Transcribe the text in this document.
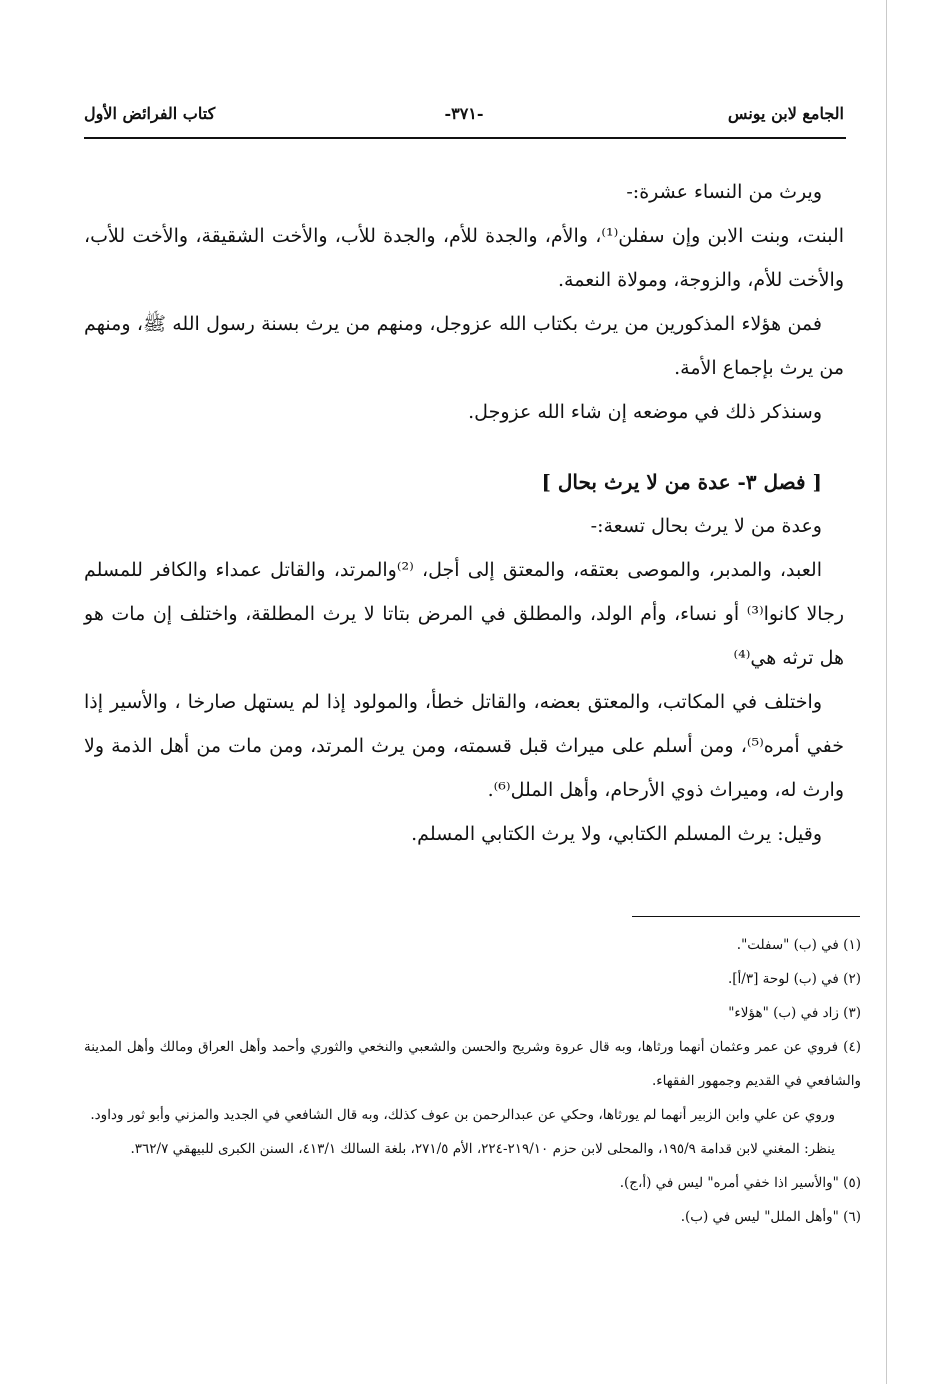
الجامع لابن يونس
-٣٧١-
كتاب الفرائض الأول

ويرث من النساء عشرة:-

البنت، وبنت الابن وإن سفلن⁽¹⁾، والأم، والجدة للأم، والجدة للأب، والأخت الشقيقة، والأخت للأب، والأخت للأم، والزوجة، ومولاة النعمة.

فمن هؤلاء المذكورين من يرث بكتاب الله عزوجل، ومنهم من يرث بسنة رسول الله ﷺ، ومنهم من يرث بإجماع الأمة.

وسنذكر ذلك في موضعه إن شاء الله عزوجل.

[ فصل ٣- عدة من لا يرث بحال ]

وعدة من لا يرث بحال تسعة:-

العبد، والمدبر، والموصى بعتقه، والمعتق إلى أجل، ⁽²⁾والمرتد، والقاتل عمداء والكافر للمسلم رجالا كانوا⁽³⁾ أو نساء، وأم الولد، والمطلق في المرض بتاتا لا يرث المطلقة، واختلف إن مات هو هل ترثه هي⁽⁴⁾

واختلف في المكاتب، والمعتق بعضه، والقاتل خطأ، والمولود إذا لم يستهل صارخا ، والأسير إذا خفي أمره⁽⁵⁾، ومن أسلم على ميراث قبل قسمته، ومن يرث المرتد، ومن مات من أهل الذمة ولا وارث له، وميراث ذوي الأرحام، وأهل الملل⁽⁶⁾.

وقيل: يرث المسلم الكتابي، ولا يرث الكتابي المسلم.

(١) في (ب) "سفلت".

(٢) في (ب) لوحة [٣/أ].

(٣) زاد في (ب) "هؤلاء"

(٤) فروي عن عمر وعثمان أنهما ورثاها، وبه قال عروة وشريح والحسن والشعبي والنخعي والثوري وأحمد وأهل العراق ومالك وأهل المدينة والشافعي في القديم وجمهور الفقهاء.

وروي عن علي وابن الزبير أنهما لم يورثاها، وحكي عن عبدالرحمن بن عوف كذلك، وبه قال الشافعي في الجديد والمزني وأبو ثور وداود.

ينظر: المغني لابن قدامة ١٩٥/٩، والمحلى لابن حزم ٢١٩/١٠-٢٢٤، الأم ٢٧١/٥، بلغة السالك ٤١٣/١، السنن الكبرى للبيهقي ٣٦٢/٧.

(٥) "والأسير اذا خفي أمره" ليس في (أ،ج).

(٦) "وأهل الملل" ليس في (ب).
